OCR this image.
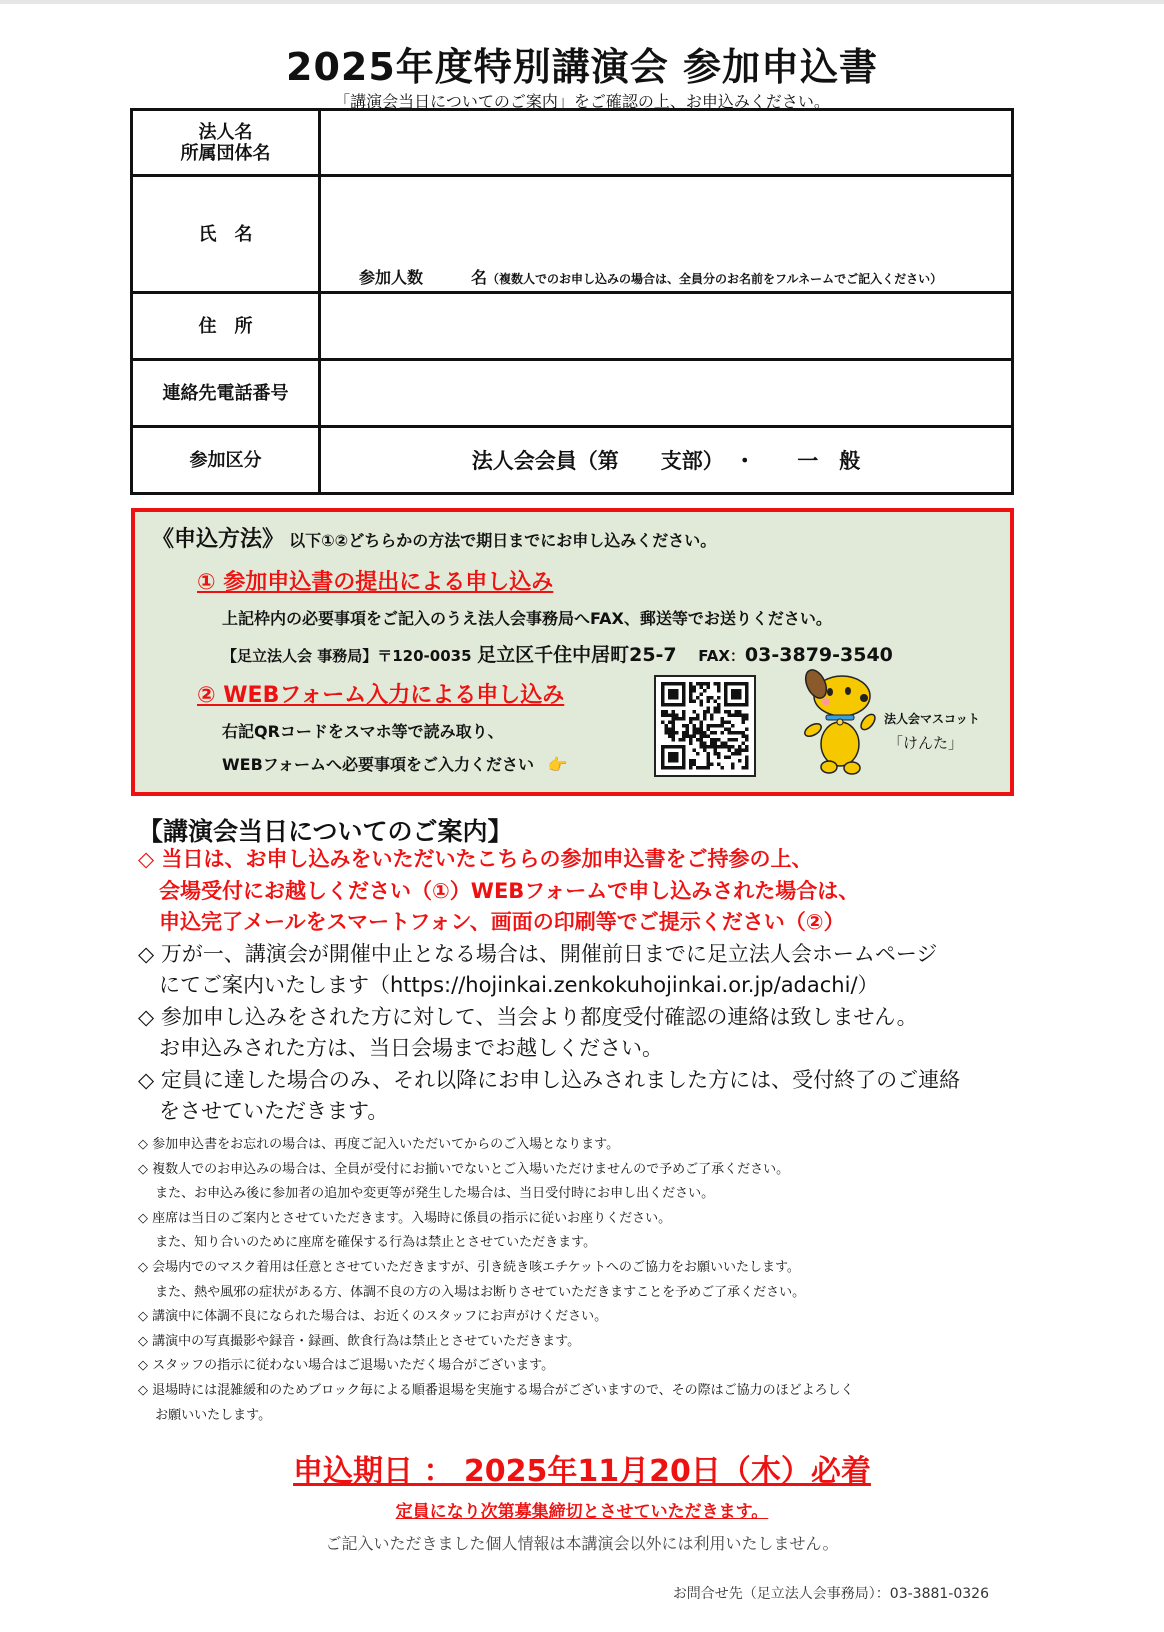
2025年度特別講演会 参加申込書
「講演会当日についてのご案内」をご確認の上、お申込みください。
法人名
所属団体名	

氏　名	参加人数　　　名（複数人でのお申し込みの場合は、全員分のお名前をフルネームでご記入ください）

住　所	
連絡先電話番号	
参加区分	法人会会員（第　　支部）　・　　一　般
《申込方法》 以下①②どちらかの方法で期日までにお申し込みください。
① 参加申込書の提出による申し込み
上記枠内の必要事項をご記入のうえ法人会事務局へFAX、郵送等でお送りください。
【足立法人会 事務局】〒120-0035 足立区千住中居町25-7 FAX：03-3879-3540
② WEBフォーム入力による申し込み
右記QRコードをスマホ等で読み取り、
WEBフォームへ必要事項をご入力ください 👉
法人会マスコット
「けんた」
【講演会当日についてのご案内】
◇ 当日は、お申し込みをいただいたこちらの参加申込書をご持参の上、
　会場受付にお越しください（①）WEBフォームで申し込みされた場合は、
　申込完了メールをスマートフォン、画面の印刷等でご提示ください（②）
◇ 万が一、講演会が開催中止となる場合は、開催前日までに足立法人会ホームページ
　にてご案内いたします（https://hojinkai.zenkokuhojinkai.or.jp/adachi/）
◇ 参加申し込みをされた方に対して、当会より都度受付確認の連絡は致しません。
　お申込みされた方は、当日会場までお越しください。
◇ 定員に達した場合のみ、それ以降にお申し込みされました方には、受付終了のご連絡
　をさせていただきます。
◇ 参加申込書をお忘れの場合は、再度ご記入いただいてからのご入場となります。
◇ 複数人でのお申込みの場合は、全員が受付にお揃いでないとご入場いただけませんので予めご了承ください。
　 また、お申込み後に参加者の追加や変更等が発生した場合は、当日受付時にお申し出ください。
◇ 座席は当日のご案内とさせていただきます。入場時に係員の指示に従いお座りください。
　 また、知り合いのために座席を確保する行為は禁止とさせていただきます。
◇ 会場内でのマスク着用は任意とさせていただきますが、引き続き咳エチケットへのご協力をお願いいたします。
　 また、熱や風邪の症状がある方、体調不良の方の入場はお断りさせていただきますことを予めご了承ください。
◇ 講演中に体調不良になられた場合は、お近くのスタッフにお声がけください。
◇ 講演中の写真撮影や録音・録画、飲食行為は禁止とさせていただきます。
◇ スタッフの指示に従わない場合はご退場いただく場合がございます。
◇ 退場時には混雑緩和のためブロック毎による順番退場を実施する場合がございますので、その際はご協力のほどよろしく
　 お願いいたします。
申込期日 ： 2025年11月20日（木）必着
定員になり次第募集締切とさせていただきます。
ご記入いただきました個人情報は本講演会以外には利用いたしません。
お問合せ先（足立法人会事務局）：03-3881-0326
